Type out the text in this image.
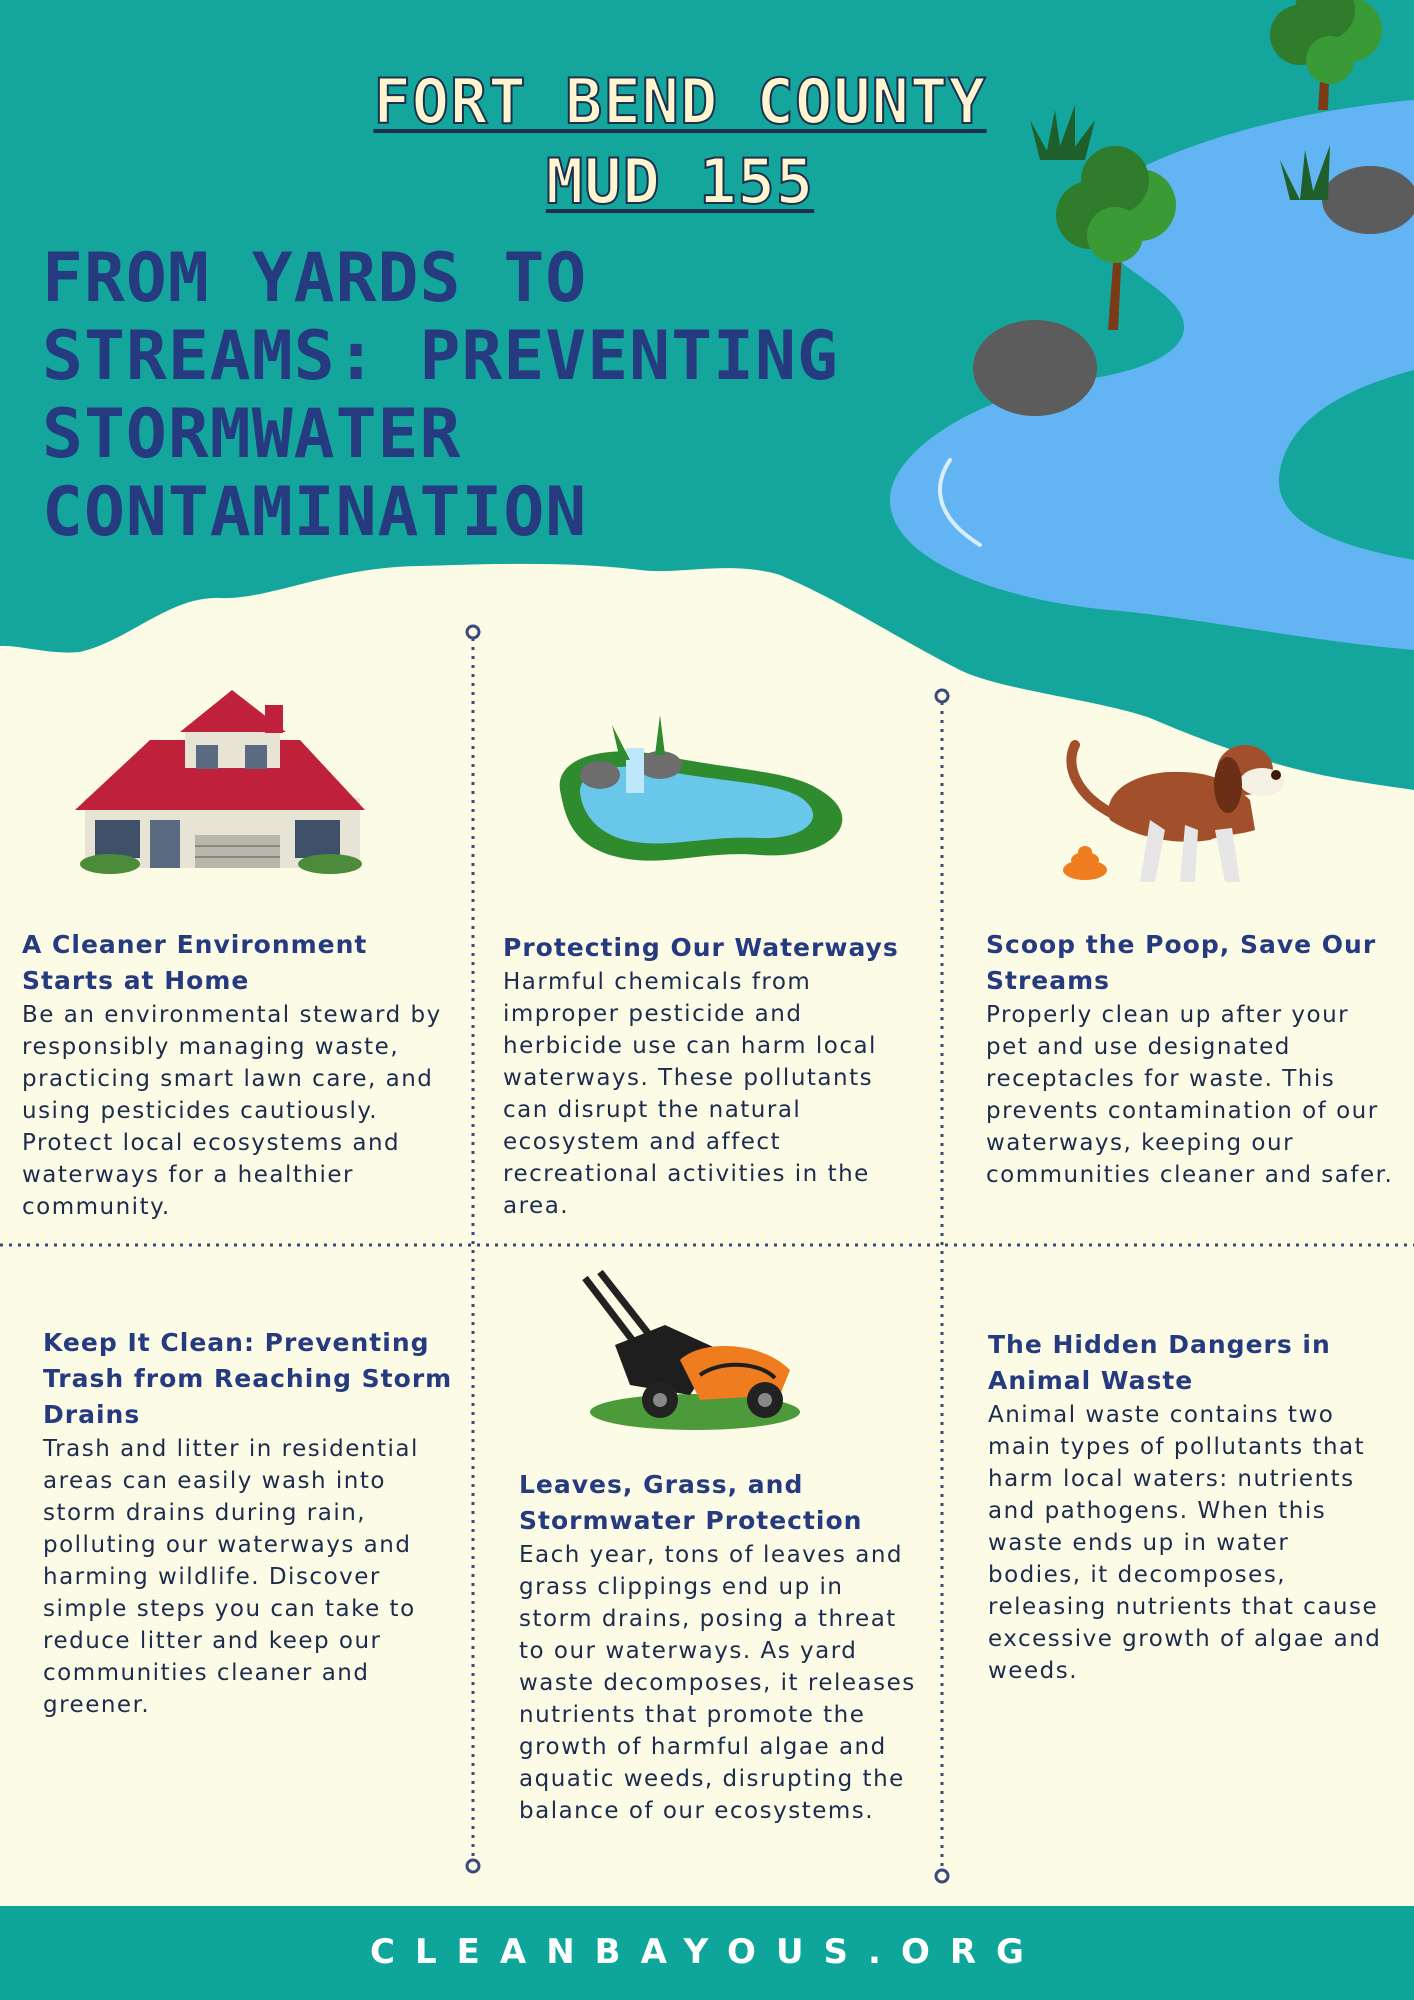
FORT BEND COUNTY MUD 155
FROM YARDS TO STREAMS: PREVENTING STORMWATER CONTAMINATION
A Cleaner Environment Starts at Home

Be an environmental steward by responsibly managing waste, practicing smart lawn care, and using pesticides cautiously. Protect local ecosystems and waterways for a healthier community.

Protecting Our Waterways

Harmful chemicals from improper pesticide and herbicide use can harm local waterways. These pollutants can disrupt the natural ecosystem and affect recreational activities in the area.

Scoop the Poop, Save Our Streams

Properly clean up after your pet and use designated receptacles for waste. This prevents contamination of our waterways, keeping our communities cleaner and safer.

Keep It Clean: Preventing Trash from Reaching Storm Drains

Trash and litter in residential areas can easily wash into storm drains during rain, polluting our waterways and harming wildlife. Discover simple steps you can take to reduce litter and keep our communities cleaner and greener.

Leaves, Grass, and Stormwater Protection

Each year, tons of leaves and grass clippings end up in storm drains, posing a threat to our waterways. As yard waste decomposes, it releases nutrients that promote the growth of harmful algae and aquatic weeds, disrupting the balance of our ecosystems.

The Hidden Dangers in Animal Waste

Animal waste contains two main types of pollutants that harm local waters: nutrients and pathogens. When this waste ends up in water bodies, it decomposes, releasing nutrients that cause excessive growth of algae and weeds.

CLEANBAYOUS.ORG
